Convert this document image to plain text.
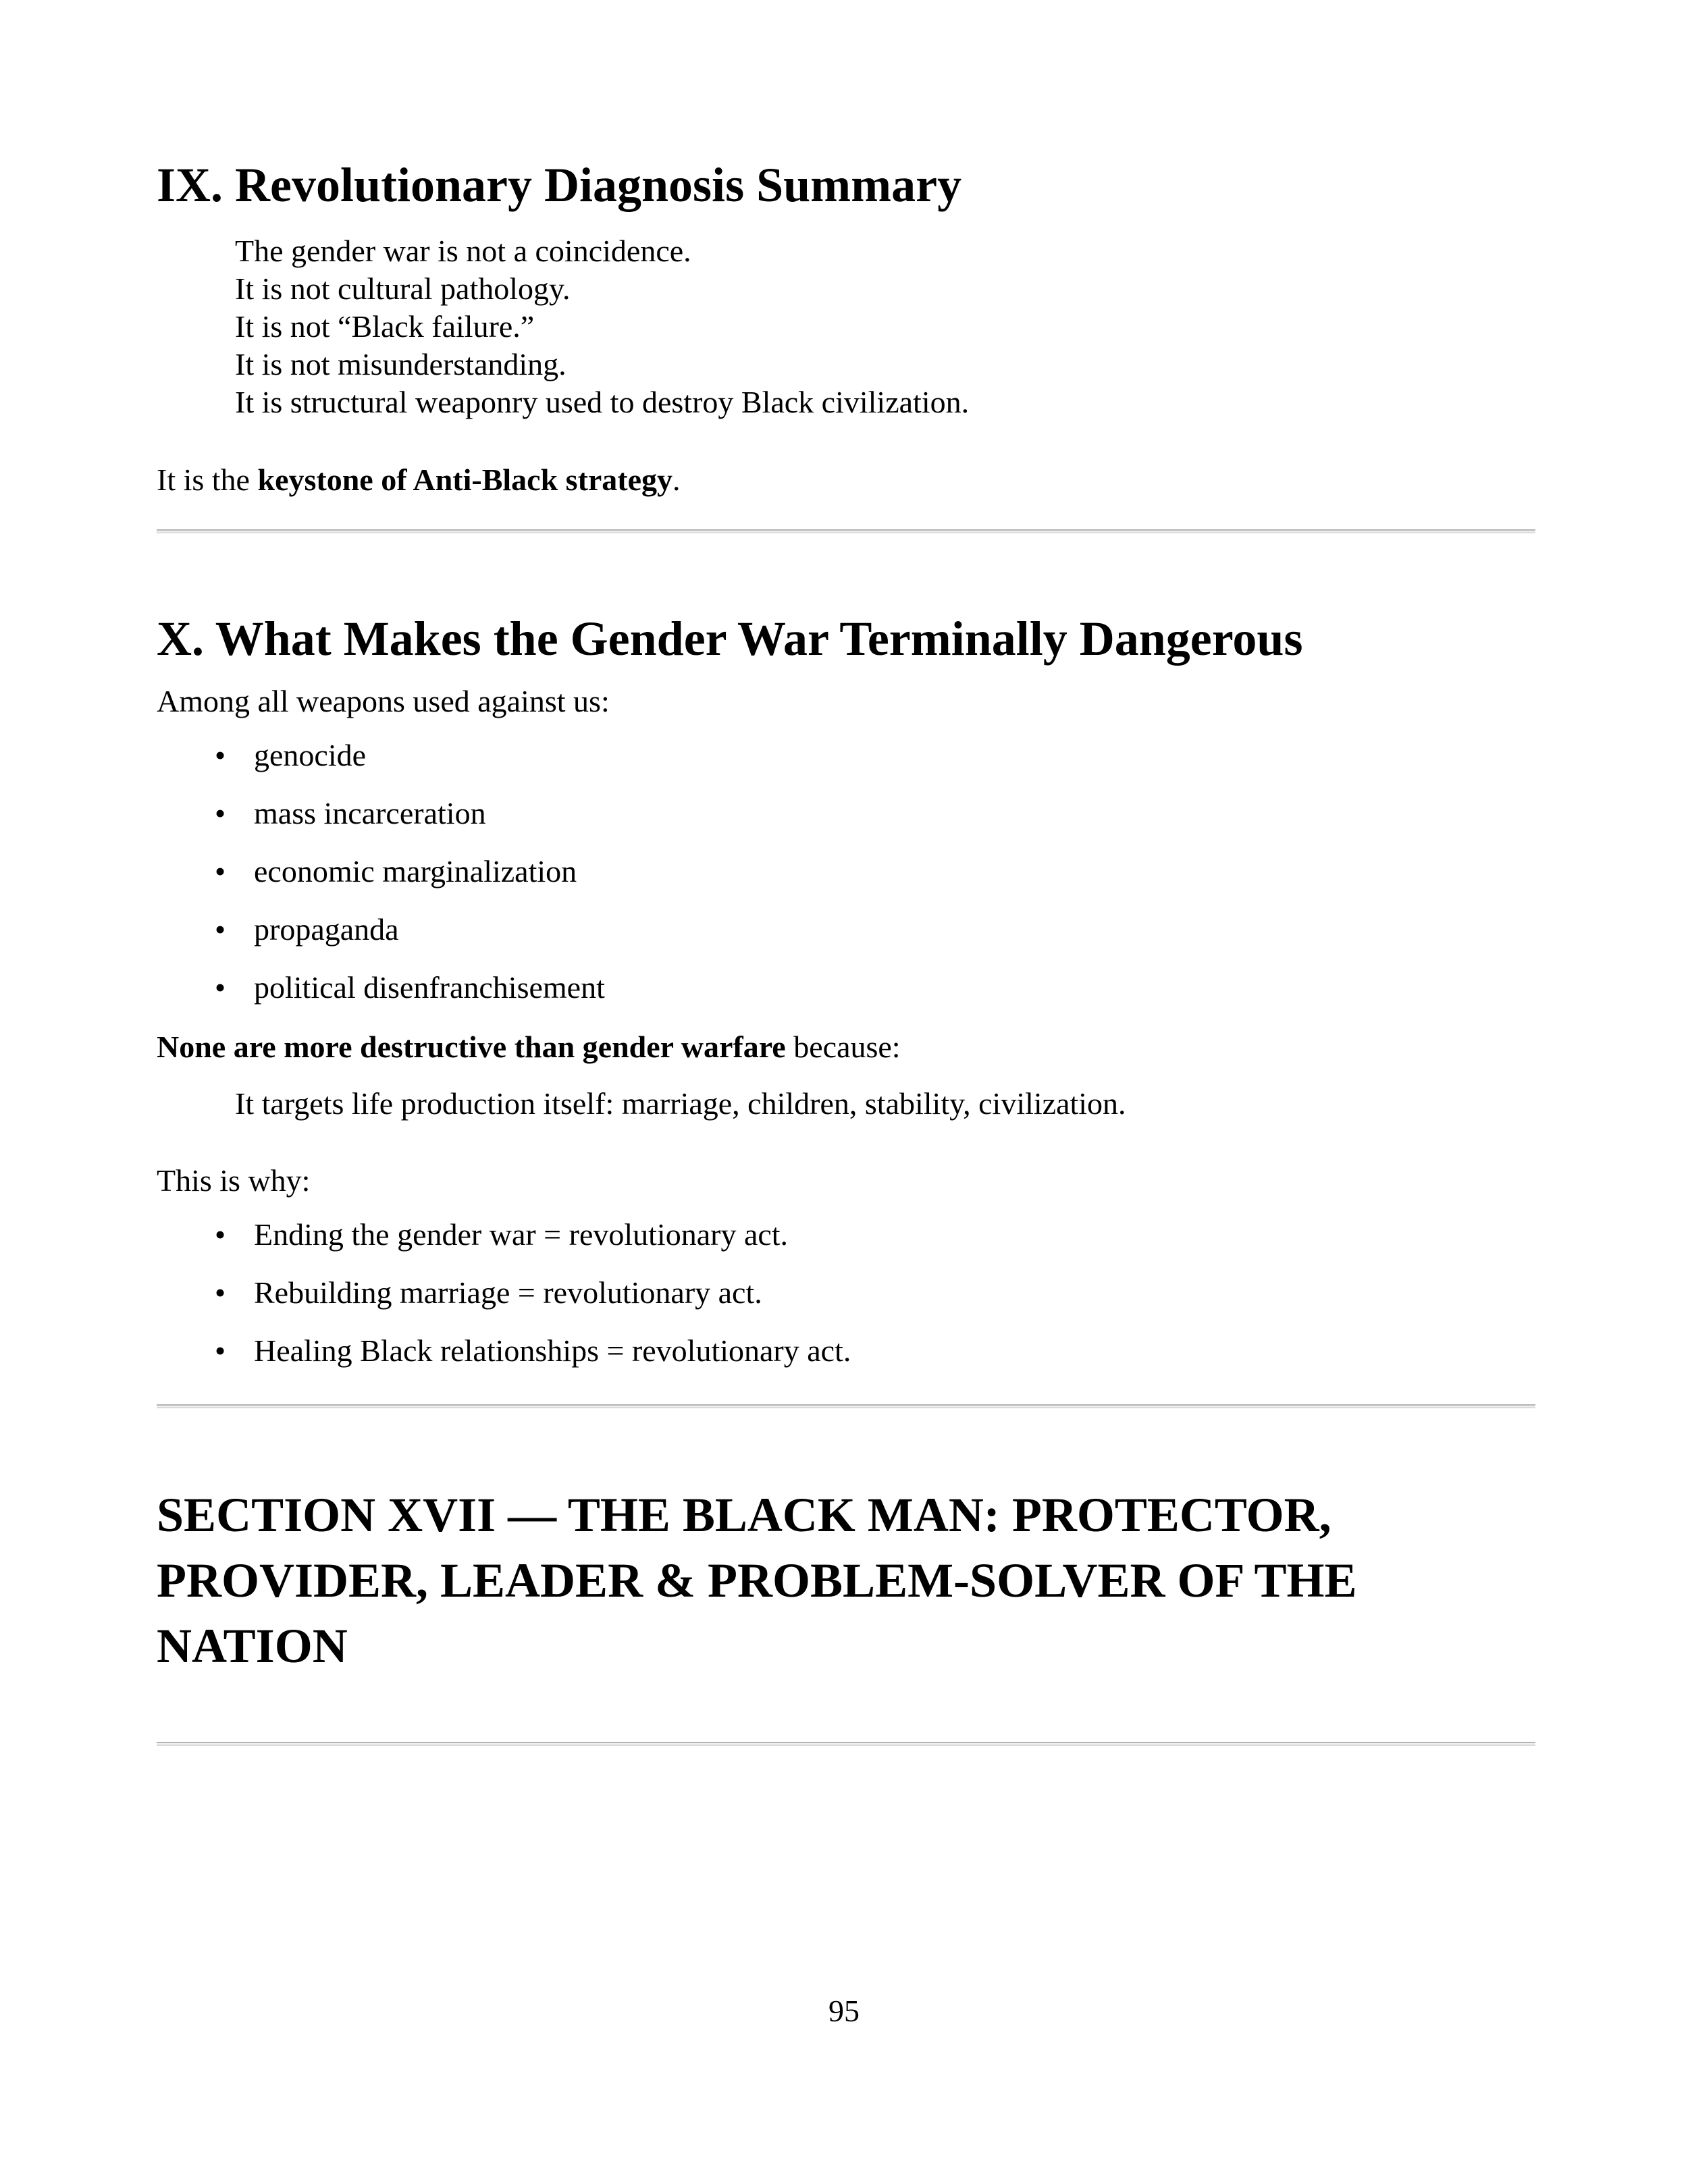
IX. Revolutionary Diagnosis Summary
The gender war is not a coincidence.
It is not cultural pathology.
It is not “Black failure.”
It is not misunderstanding.
It is structural weaponry used to destroy Black civilization.

It is the keystone of Anti-Black strategy.

X. What Makes the Gender War Terminally Dangerous

Among all weapons used against us:

• genocide
• mass incarceration
• economic marginalization
• propaganda
• political disenfranchisement

None are more destructive than gender warfare because:

It targets life production itself: marriage, children, stability, civilization.

This is why:

• Ending the gender war = revolutionary act.
• Rebuilding marriage = revolutionary act.
• Healing Black relationships = revolutionary act.
SECTION XVII — THE BLACK MAN: PROTECTOR, PROVIDER, LEADER & PROBLEM-SOLVER OF THE NATION

95
